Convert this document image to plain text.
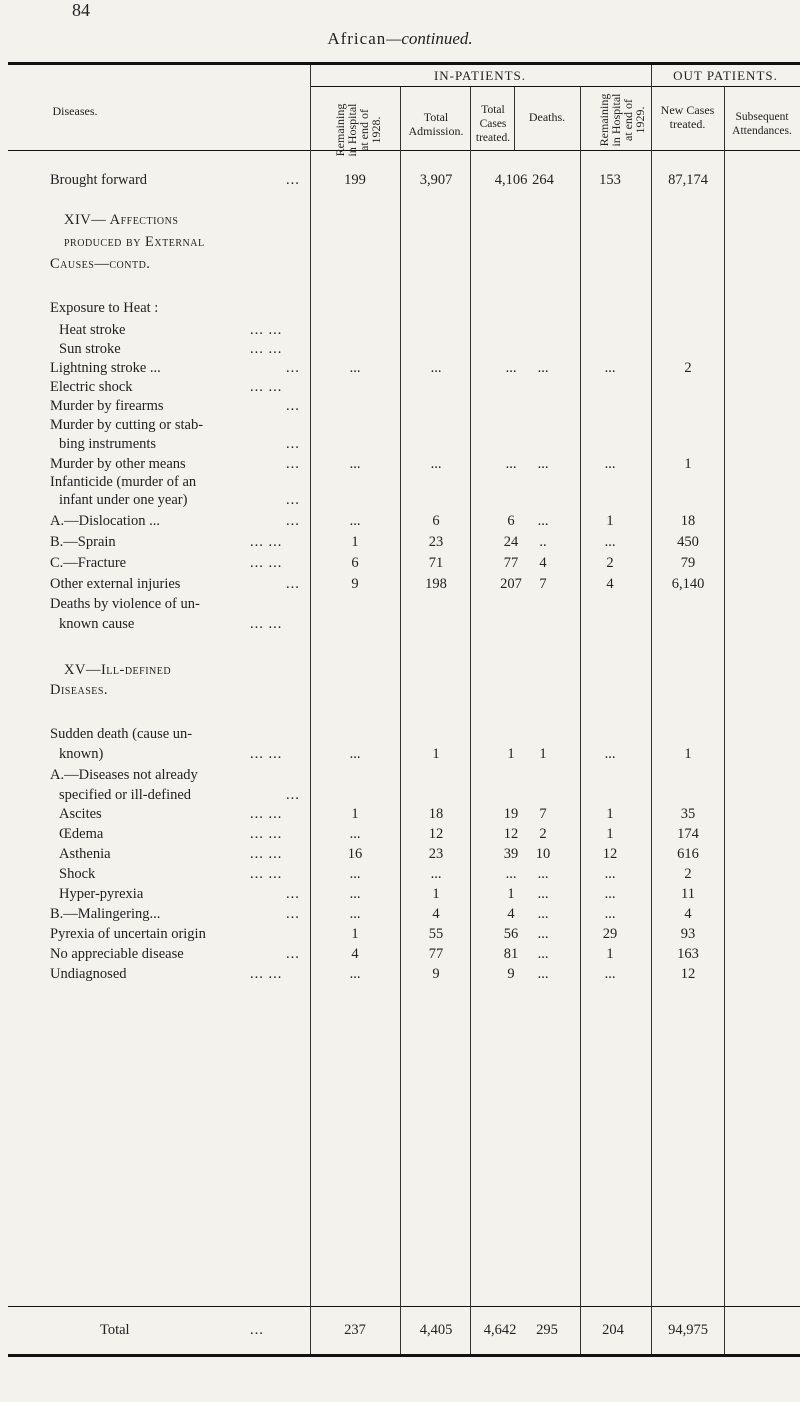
84
African—continued.
Diseases.
IN-PATIENTS.	OUT PATIENTS.
Remaining in Hospital at end of 1928.	Total Admission.
Total Cases treated.
Deaths.	Remaining in Hospital at end of 1929.	New Cases treated.	Subsequent Attendances.
Brought forward	...	199	3,907	4,106 264	153	87,174
XIV— Affections
produced by External
Causes—contd.
Exposure to Heat :
Heat stroke	... ...
Sun stroke	... ...
Lightning stroke ...	...	...	...	...	...	...	2
Electric shock	... ...
Murder by firearms	...
Murder by cutting or stab-
bing instruments	...
Murder by other means	...	...	...	...	...	...	1
Infanticide (murder of an
infant under one year)	...
A.—Dislocation ...	...	...	6	6	...	1	18
B.—Sprain	... ...	1	23	24	..	...	450
C.—Fracture	... ...	6	71	77	4	2	79
Other external injuries	...	9	198	207	7	4	6,140
Deaths by violence of un-
known cause	... ...
XV—Ill-defined
Diseases.
Sudden death (cause un-
known)	... ...	...	1	1	1	...	1
A.—Diseases not already
specified or ill-defined	...
Ascites	... ...	1	18	19	7	1	35
Œdema	... ...	...	12	12	2	1	174
Asthenia	... ...	16	23	39	10	12	616
Shock	... ...	...	...	...	...	...	2
Hyper-pyrexia	...	...	1	1	...	...	11
B.—Malingering...	...	...	4	4	...	...	4
Pyrexia of uncertain origin	1	55	56	...	29	93
No appreciable disease	...	4	77	81	...	1	163
Undiagnosed	... ...	...	9	9	...	...	12
Total	...	237	4,405	4,642	295	204	94,975
